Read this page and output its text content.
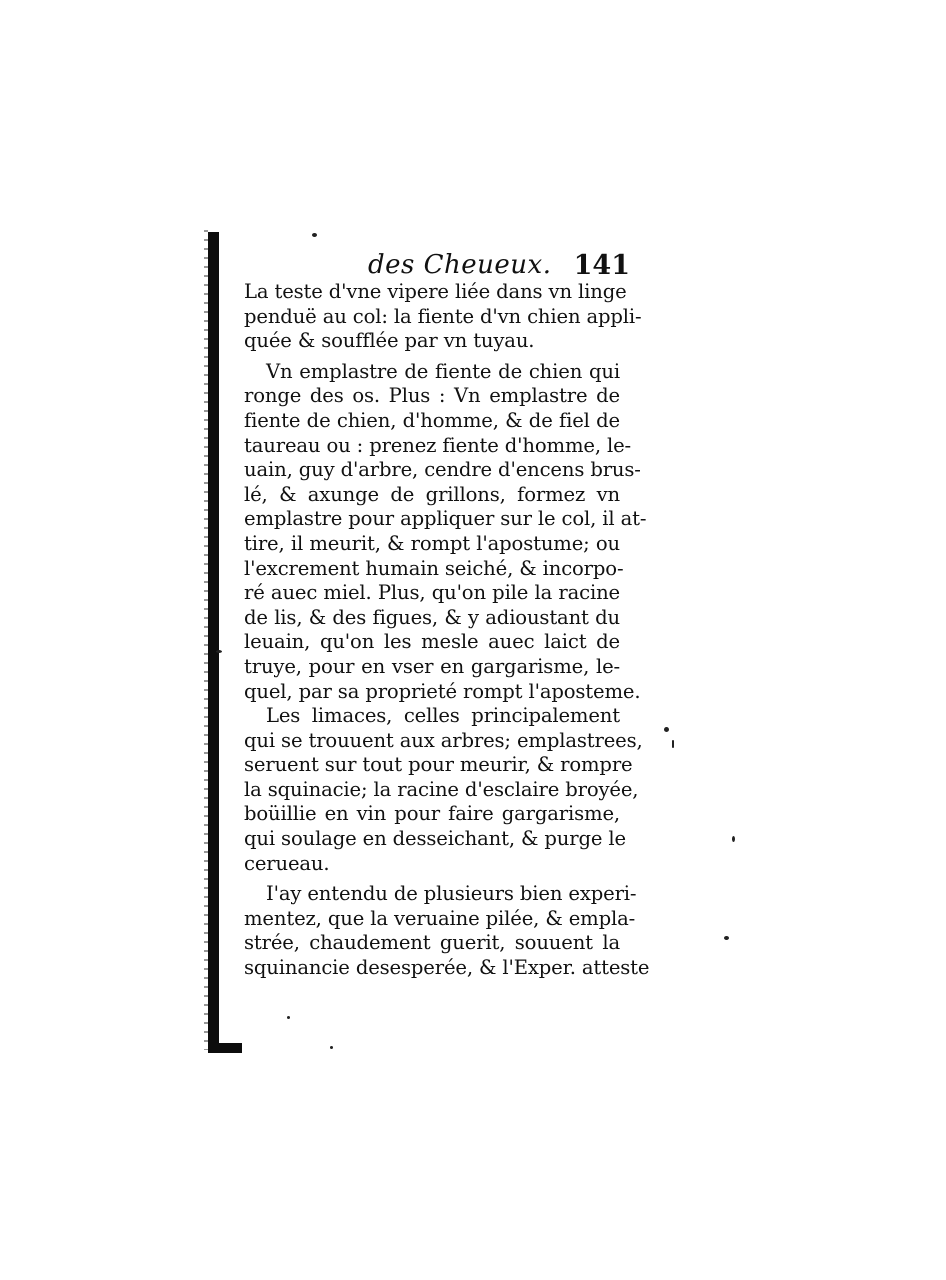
des Cheueux. 141
La teste d'vne vipere liée dans vn linge
penduë au col: la fiente d'vn chien appli-
quée & soufflée par vn tuyau.
Vn emplastre de fiente de chien qui
ronge des os. Plus : Vn emplastre de
fiente de chien, d'homme, & de fiel de
taureau ou : prenez fiente d'homme, le-
uain, guy d'arbre, cendre d'encens brus-
lé, & axunge de grillons, formez vn
emplastre pour appliquer sur le col, il at-
tire, il meurit, & rompt l'apostume; ou
l'excrement humain seiché, & incorpo-
ré auec miel. Plus, qu'on pile la racine
de lis, & des figues, & y adioustant du
leuain, qu'on les mesle auec laict de
truye, pour en vser en gargarisme, le-
quel, par sa proprieté rompt l'aposteme.
Les limaces, celles principalement
qui se trouuent aux arbres; emplastrees,
seruent sur tout pour meurir, & rompre
la squinacie; la racine d'esclaire broyée,
boüillie en vin pour faire gargarisme,
qui soulage en desseichant, & purge le
cerueau.
I'ay entendu de plusieurs bien experi-
mentez, que la veruaine pilée, & empla-
strée, chaudement guerit, souuent la
squinancie desesperée, & l'Exper. atteste
